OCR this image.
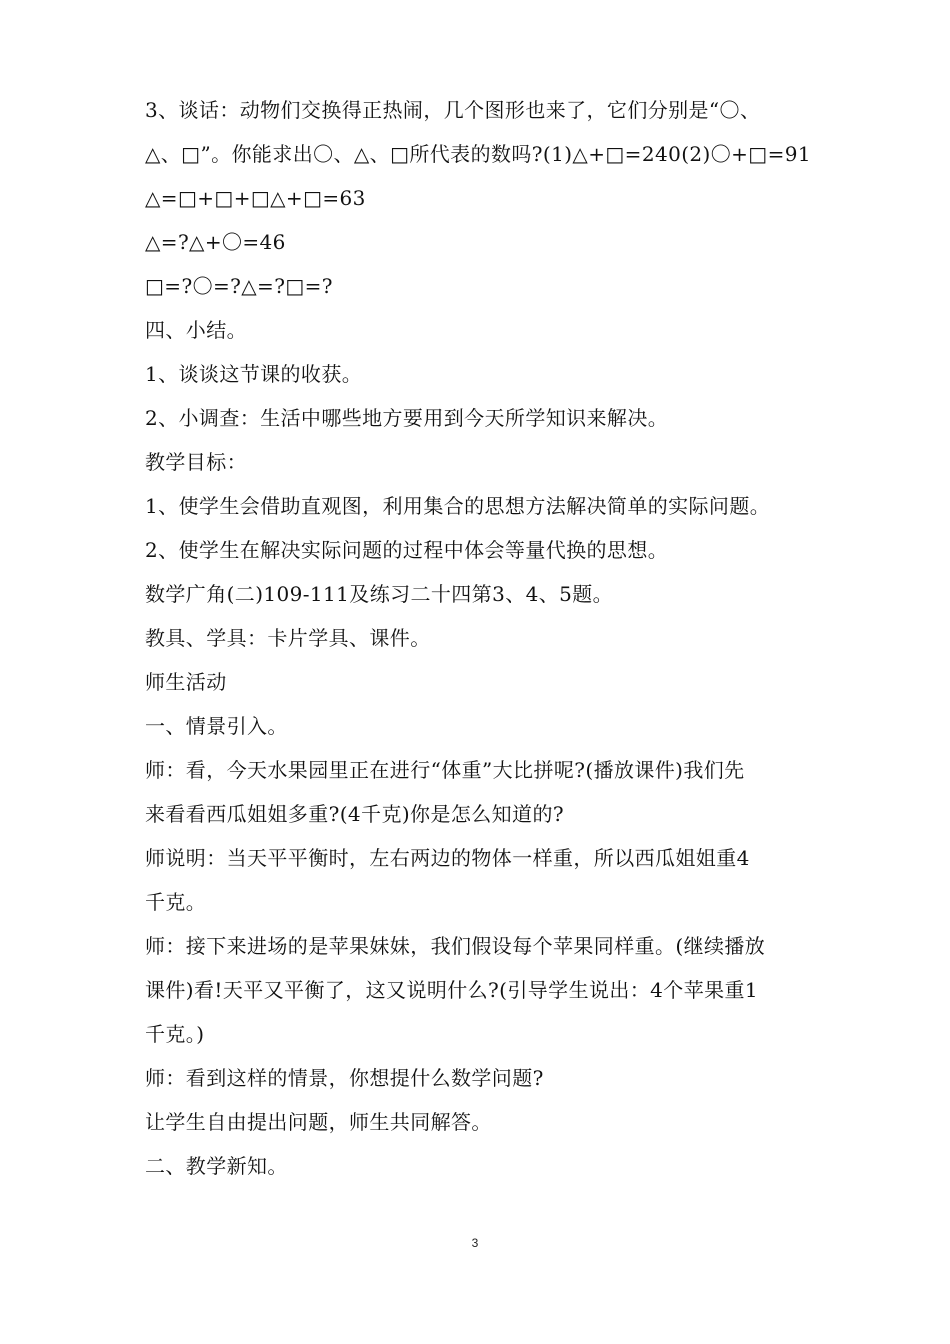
3、谈话：动物们交换得正热闹，几个图形也来了，它们分别是“〇、
△、□”。你能求出〇、△、□所代表的数吗?(1)△+□=240(2)〇+□=91
△=□+□+□△+□=63
△=?△+〇=46
□=?〇=?△=?□=?
四、小结。
1、谈谈这节课的收获。
2、小调查：生活中哪些地方要用到今天所学知识来解决。
教学目标：
1、使学生会借助直观图，利用集合的思想方法解决简单的实际问题。
2、使学生在解决实际问题的过程中体会等量代换的思想。
数学广角(二)109-111及练习二十四第3、4、5题。
教具、学具：卡片学具、课件。
师生活动
一、情景引入。
师：看，今天水果园里正在进行“体重”大比拼呢?(播放课件)我们先
来看看西瓜姐姐多重?(4千克)你是怎么知道的?
师说明：当天平平衡时，左右两边的物体一样重，所以西瓜姐姐重4
千克。
师：接下来进场的是苹果妹妹，我们假设每个苹果同样重。(继续播放
课件)看!天平又平衡了，这又说明什么?(引导学生说出：4个苹果重1
千克。)
师：看到这样的情景，你想提什么数学问题?
让学生自由提出问题，师生共同解答。
二、教学新知。
3
